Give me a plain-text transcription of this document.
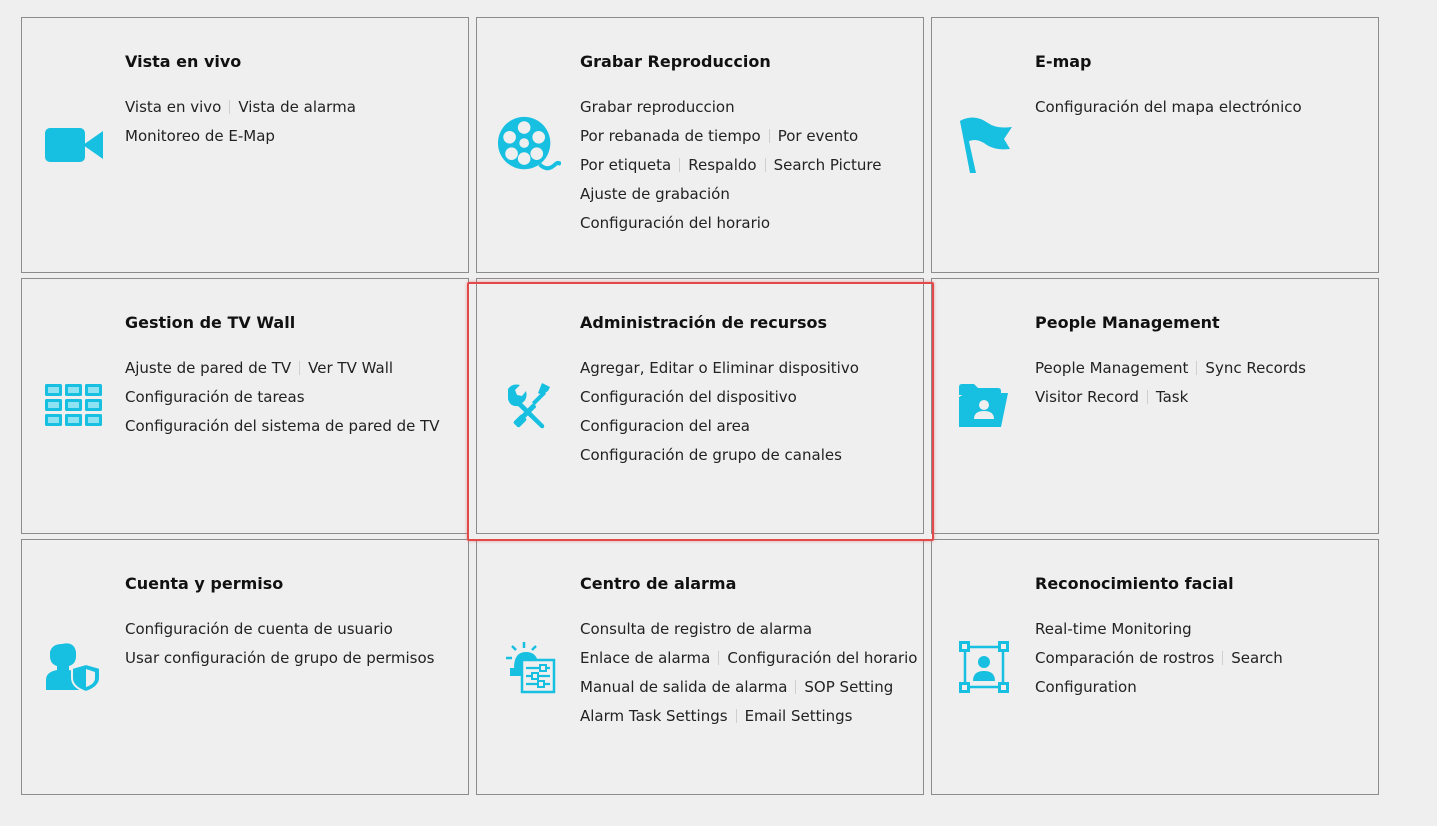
Vista en vivo
Vista en vivo Vista de alarma
Monitoreo de E-Map
Grabar Reproduccion
Grabar reproduccion
Por rebanada de tiempo Por evento
Por etiqueta Respaldo Search Picture
Ajuste de grabación
Configuración del horario
E-map
Configuración del mapa electrónico
Gestion de TV Wall
Ajuste de pared de TV Ver TV Wall
Configuración de tareas
Configuración del sistema de pared de TV
Administración de recursos
Agregar, Editar o Eliminar dispositivo
Configuración del dispositivo
Configuracion del area
Configuración de grupo de canales
People Management
People Management Sync Records
Visitor Record Task
Cuenta y permiso
Configuración de cuenta de usuario
Usar configuración de grupo de permisos
Centro de alarma
Consulta de registro de alarma
Enlace de alarma Configuración del horario
Manual de salida de alarma SOP Setting
Alarm Task Settings Email Settings
Reconocimiento facial
Real-time Monitoring
Comparación de rostros Search
Configuration
